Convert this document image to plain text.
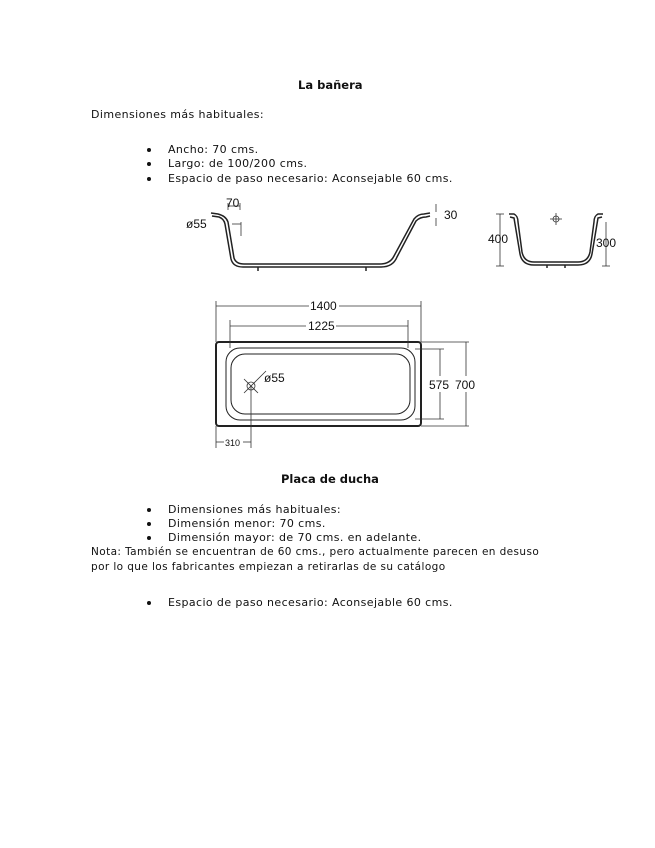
La bañera
Dimensiones más habituales:
Ancho: 70 cms.
Largo: de 100/200 cms.
Espacio de paso necesario: Aconsejable 60 cms.
70
ø55
30
400	300
1400
1225
ø55	575 700
310
Placa de ducha
Dimensiones más habituales:
Dimensión menor: 70 cms.
Dimensión mayor: de 70 cms. en adelante.
Nota: También se encuentran de 60 cms., pero actualmente parecen en desuso
por lo que los fabricantes empiezan a retirarlas de su catálogo
Espacio de paso necesario: Aconsejable 60 cms.
